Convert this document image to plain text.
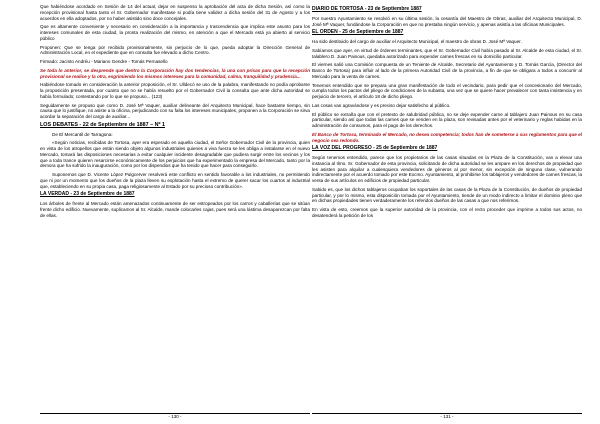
Que habiéndose acordado en Sesión de 14 del actual, dejar en suspenso la aprobación del acta de dicha Sesión, así como la recepción provisional hasta tanto el Sr. Gobernador manifestase si podía tiene validez a dicha sesión del 31 de Agosto y a los acuerdos en ella adoptados, por no haber asistido sino doce concejales.

Que es altamente conveniente y necesario en consideración a la importancia y trascendencia que implica este asunto para los intereses comunales de esta ciudad, la pronta realización del mismo, en atención a que el Mercado está ya abierto al servicio público

Proponen: Que se tenga por recibido provisionalmente, sin perjuicio de lo que, pueda adoptar la Dirección General de Administración Local, en el expediente que en consulta fue elevado a dicho Centro.

Firmado: Jacinto Andréu - Mariano Gendre - Tomás Pernasello

Se toda lo anterior, se desprende que dentro la Corporación hay dos tendencias, la una con prisas para que la recepción provisional se realice y la otra, esgrimiendo los mismos intereses para la comunidad, calma, tranquilidad y prudencia...

Habiéndose tomado en consideración la anterior proposición, el Sr. Ulldecó se uso de la palabra, manifestando no podía aprobarse la proposición presentada, por cuanto que no se había resuelto por el Gobernador Civil la consulta que ante dicha autoridad se había formulado; contestando por lo que se propuso... (123)

Seguidamente se propuso que como D. José Mª Vaquer, auxiliar delineante del Arquitecto Municipal, hace bastante tiempo, sin causa que lo justifique, no asiste a la oficina, perjudicando con su falta los intereses municipales, proponen a la Corporación se sirva acordar la separación del cargo de auxiliar...

LOS DEBATES - 22 de Septiembre de 1887 – Nº 1

De El Mercantil de Tarragona:

«Según noticias, recibidas de Tortosa, ayer era esperado en aquella ciudad, el Señor Gobernador Civil de la provincia, quien en vista de los atropellos que están siendo objeto algunos industriales quienes a viva fuerza se les obliga a instalarse en el nuevo Mercado, tomará las disposiciones necesarias a evitar cualquier incidente desagradable que pudiera surgir entre los vecinos y los que a toda trance quieren resarcirse económicamente de los perjuicios que ha experimentado la empresa del Mercado, tanto por la demora que ha sufrido la inauguración, como por los dispendios que ha tenido que hacer para conseguirlo.

Suponemos que D. Vicente López Pulgcerver resolverá este conflicto en sentido favorable a los industriales, no permitiendo que ni por un momento que los dueños de la plaza lleven su explotación hasta el extremo de querer sacar los cuartos al industrial que, estableciendo en su propia casa, paga religiosamente al Estado por su precioso contribución».

LA VERDAD - 23 de Septiembre de 1887

Los árboles de frente al Mercado están amenazados continuamente de ser estropeados por los carros y caballerías que se sitúan frente dicho edificio. Nuevamente, suplicamos al Sr. Alcalde, mande colocarles cajas, pues será una lástima desaparezcan por falta de ellas.

DIARIO DE TORTOSA - 23 de Septiembre 1887

Por nuestro Ayuntamiento se resolvió en su última sesión, la cesantía del Maestro de Obras, auxiliar del Arquitecto Municipal, D. José Mª Vaquer, fundándose la Corporación en que no prestaba ningún servicio, y apenas asistía a las oficinas Municipales.

EL ORDEN - 25 de Septiembre de 1887

Ha sido destituido del cargo de auxiliar el Arquitecto Municipal, el maestro de obras D. José Mª Vaquer.

Sabíamos que ayer, en virtud de órdenes terminantes, que el Sr. Gobernador Civil había pasado al Sr. Alcalde de esta ciudad, el Sr. talablero D. Juan Painous, quedaba autorizado para expender carnes frescas en su domicilio particular.

El viernes salió una Comisión compuesta de un Teniente de Alcalde, Secretario del Ayuntamiento y D. Tomás García, (Director del Banco de Tortosa) para influir al lado de la primera Autoridad Civil de la provincia, a fin de que se obligara a todos a concurrir al Mercado para la venta de carnes.

Tenemos entendido que se prepara una gran manifestación de todo el vecindario, para pedir que el concesionario del Mercado, cumpla todos los pactos del pliego de condiciones de la subasta, una vez que se quiere hacer prevalecer con tanta insistencia y en perjuicio de tercero, el artículo 18 de dicho pliego.

Las cosas van agravándose y es preciso dejar satisfecho al público.

El público se extraña que con el pretexto de salubridad pública, no se deje expender carne al tablajero Juan Painous en su casa particular, siendo así que todas las carnes que se venden en la plaza, son revisadas antes por el veterinario y reglas habidas en la administración de consumos, para el pago de los derechos.

El Banco de Tortosa, terminado el Mercado, no desea competencia; todos han de someterse a sus reglamentos para que el negocio sea redondo.

LA VOZ DEL PROGRESO - 25 de Septiembre de 1887

Según tenemos entendido, parece que los propietarios de las casas situadas en la Plaza de la Constitución, van a elevar una instancia al Ilmo. Sr. Gobernador de esta provincia, solicitando de dicha autoridad se les ampare en los derechos de propiedad que les asisten para alquilar a cualesquiera vendedores de géneros al por menor, sin excepción de ninguna clase, vulnerando indirectamente por el acuerdo tomado por este Excmo. Ayuntamiento, al prohibirse los tablajeros y vendedores de carnes frescas, la venta de sus artículos en edificios de propiedad particular.

Sabido es, que los dichos tablajeros ocupaban los soportales de las casas de la Plaza de la Constitución, de dueños de propiedad particular, y por lo mismo, esta disposición tomada por el Ayuntamiento, tiende de un modo indirecto a limitar el dominio pleno que en dichas propiedades tienen verdaderamente los referidos dueños de las casas a que nos referimos.

En vista de esto, creemos que la superior autoridad de la provincia, con el recto proceder que imprime a todos sus actos, no desatenderá la petición de los

- 130 -	- 131 -
